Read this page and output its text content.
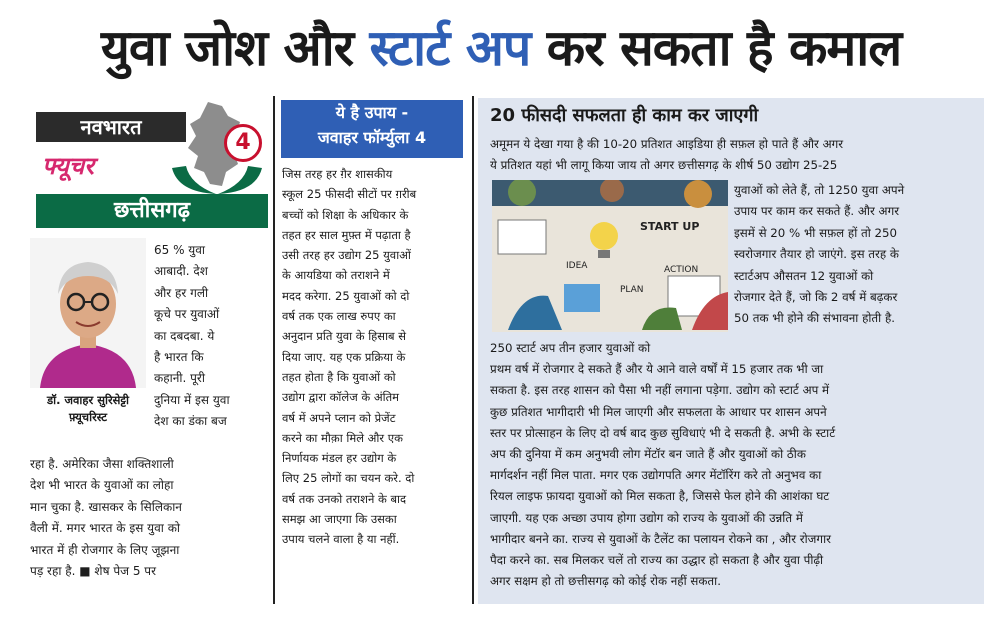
युवा जोश और स्टार्ट अप कर सकता है कमाल
नवभारत
4
फ्यूचर
छत्तीसगढ़
डॉ. जवाहर सुरिसेट्टी
फ़्यूचरिस्ट
65 % युवा
आबादी. देश
और हर गली
कूचे पर युवाओं
का दबदबा. ये
है भारत कि
कहानी. पूरी
दुनिया में इस युवा
देश का डंका बज
रहा है. अमेरिका जैसा शक्तिशाली
देश भी भारत के युवाओं का लोहा
मान चुका है. खासकर के सिलिकान
वैली में. मगर भारत के इस युवा को
भारत में ही रोजगार के लिए जूझना
पड़ रहा है. ■ शेष पेज 5 पर
ये है उपाय -
जवाहर फॉर्म्युला 4
जिस तरह हर ग़ैर शासकीय
स्कूल 25 फीसदी सीटों पर ग़रीब
बच्चों को शिक्षा के अधिकार के
तहत हर साल मुफ़्त में पढ़ाता है
उसी तरह हर उद्योग 25 युवाओं
के आयडिया को तराशने में
मदद करेगा. 25 युवाओं को दो
वर्ष तक एक लाख रुपए का
अनुदान प्रति युवा के हिसाब से
दिया जाए. यह एक प्रक्रिया के
तहत होता है कि युवाओं को
उद्योग द्वारा कॉलेज के अंतिम
वर्ष में अपने प्लान को प्रेजेंट
करने का मौक़ा मिले और एक
निर्णायक मंडल हर उद्योग के
लिए 25 लोगों का चयन करे. दो
वर्ष तक उनको तराशने के बाद
समझ आ जाएगा कि उसका
उपाय चलने वाला है या नहीं.
20 फीसदी सफलता ही काम कर जाएगी
अमूमन ये देखा गया है की 10-20 प्रतिशत आइडिया ही सफ़ल हो पाते हैं और अगर
ये प्रतिशत यहां भी लागू किया जाय तो अगर छत्तीसगढ़ के शीर्ष 50 उद्योग 25-25
START UP
IDEA
PLAN
ACTION
युवाओं को लेते हैं, तो 1250 युवा अपने
उपाय पर काम कर सकते हैं. और अगर
इसमें से 20 % भी सफ़ल हों तो 250
स्वरोजगार तैयार हो जाएंगे. इस तरह के
स्टार्टअप औसतन 12 युवाओं को
रोजगार देते हैं, जो कि 2 वर्ष में बढ़कर
50 तक भी होने की संभावना होती है.
250 स्टार्ट अप तीन हजार युवाओं को
प्रथम वर्ष में रोजगार दे सकते हैं और ये आने वाले वर्षों में 15 हजार तक भी जा
सकता है. इस तरह शासन को पैसा भी नहीं लगाना पड़ेगा. उद्योग को स्टार्ट अप में
कुछ प्रतिशत भागीदारी भी मिल जाएगी और सफलता के आधार पर शासन अपने
स्तर पर प्रोत्साहन के लिए दो वर्ष बाद कुछ सुविधाएं भी दे सकती है. अभी के स्टार्ट
अप की दुनिया में कम अनुभवी लोग मेंटॉर बन जाते हैं और युवाओं को ठीक
मार्गदर्शन नहीं मिल पाता. मगर एक उद्योगपति अगर मेंटॉरिंग करे तो अनुभव का
रियल लाइफ फ़ायदा युवाओं को मिल सकता है, जिससे फेल होने की आशंका घट
जाएगी. यह एक अच्छा उपाय होगा उद्योग को राज्य के युवाओं की उन्नति में
भागीदार बनने का. राज्य से युवाओं के टैलेंट का पलायन रोकने का , और रोजगार
पैदा करने का. सब मिलकर चलें तो राज्य का उद्धार हो सकता है और युवा पीढ़ी
अगर सक्षम हो तो छत्तीसगढ़ को कोई रोक नहीं सकता.
